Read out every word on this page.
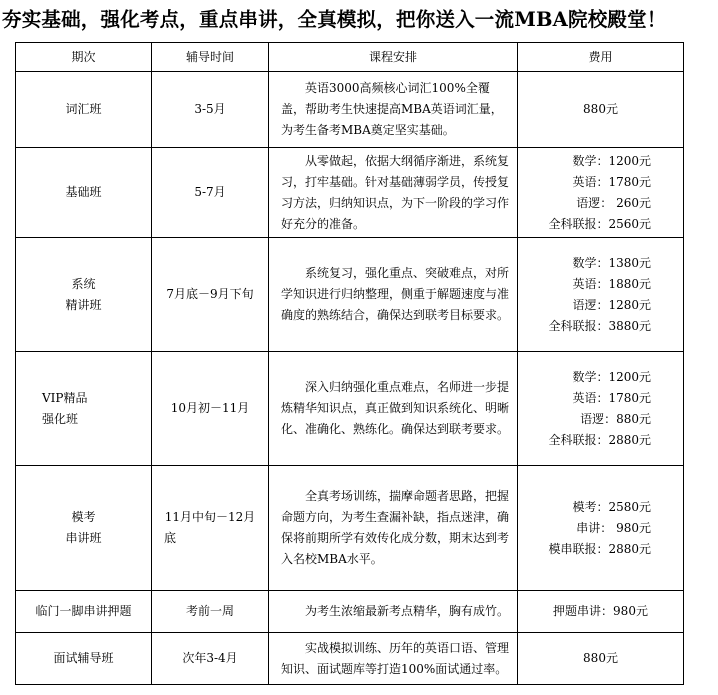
夯实基础，强化考点，重点串讲，全真模拟，把你送入一流MBA院校殿堂！
期次	辅导时间	课程安排	费用

词汇班	3-5月	英语3000高频核心词汇100%全覆盖，帮助考生快速提高MBA英语词汇量，为考生备考MBA奠定坚实基础。	880元

基础班	5-7月	从零做起，依据大纲循序渐进，系统复习，打牢基础。针对基础薄弱学员，传授复习方法，归纳知识点，为下一阶段的学习作好充分的准备。	数学：1200元
英语：1780元
语逻： 260元
全科联报：2560元

系统
精讲班	7月底－9月下旬	系统复习，强化重点、突破难点，对所学知识进行归纳整理，侧重于解题速度与准确度的熟练结合，确保达到联考目标要求。	数学：1380元
英语：1880元
语逻：1280元
全科联报：3880元

VIP精品
强化班	10月初－11月	深入归纳强化重点难点，名师进一步提炼精华知识点，真正做到知识系统化、明晰化、准确化、熟练化。确保达到联考要求。	数学：1200元
英语：1780元
语逻：880元
全科联报：2880元

模考
串讲班	11月中旬－12月
底	全真考场训练，揣摩命题者思路，把握命题方向，为考生查漏补缺，指点迷津，确保将前期所学有效传化成分数，期末达到考入名校MBA水平。	模考：2580元
串讲： 980元
模串联报：2880元

临门一脚串讲押题	考前一周	为考生浓缩最新考点精华，胸有成竹。	押题串讲：980元

面试辅导班	次年3-4月	实战模拟训练、历年的英语口语、管理知识、面试题库等打造100%面试通过率。	880元
